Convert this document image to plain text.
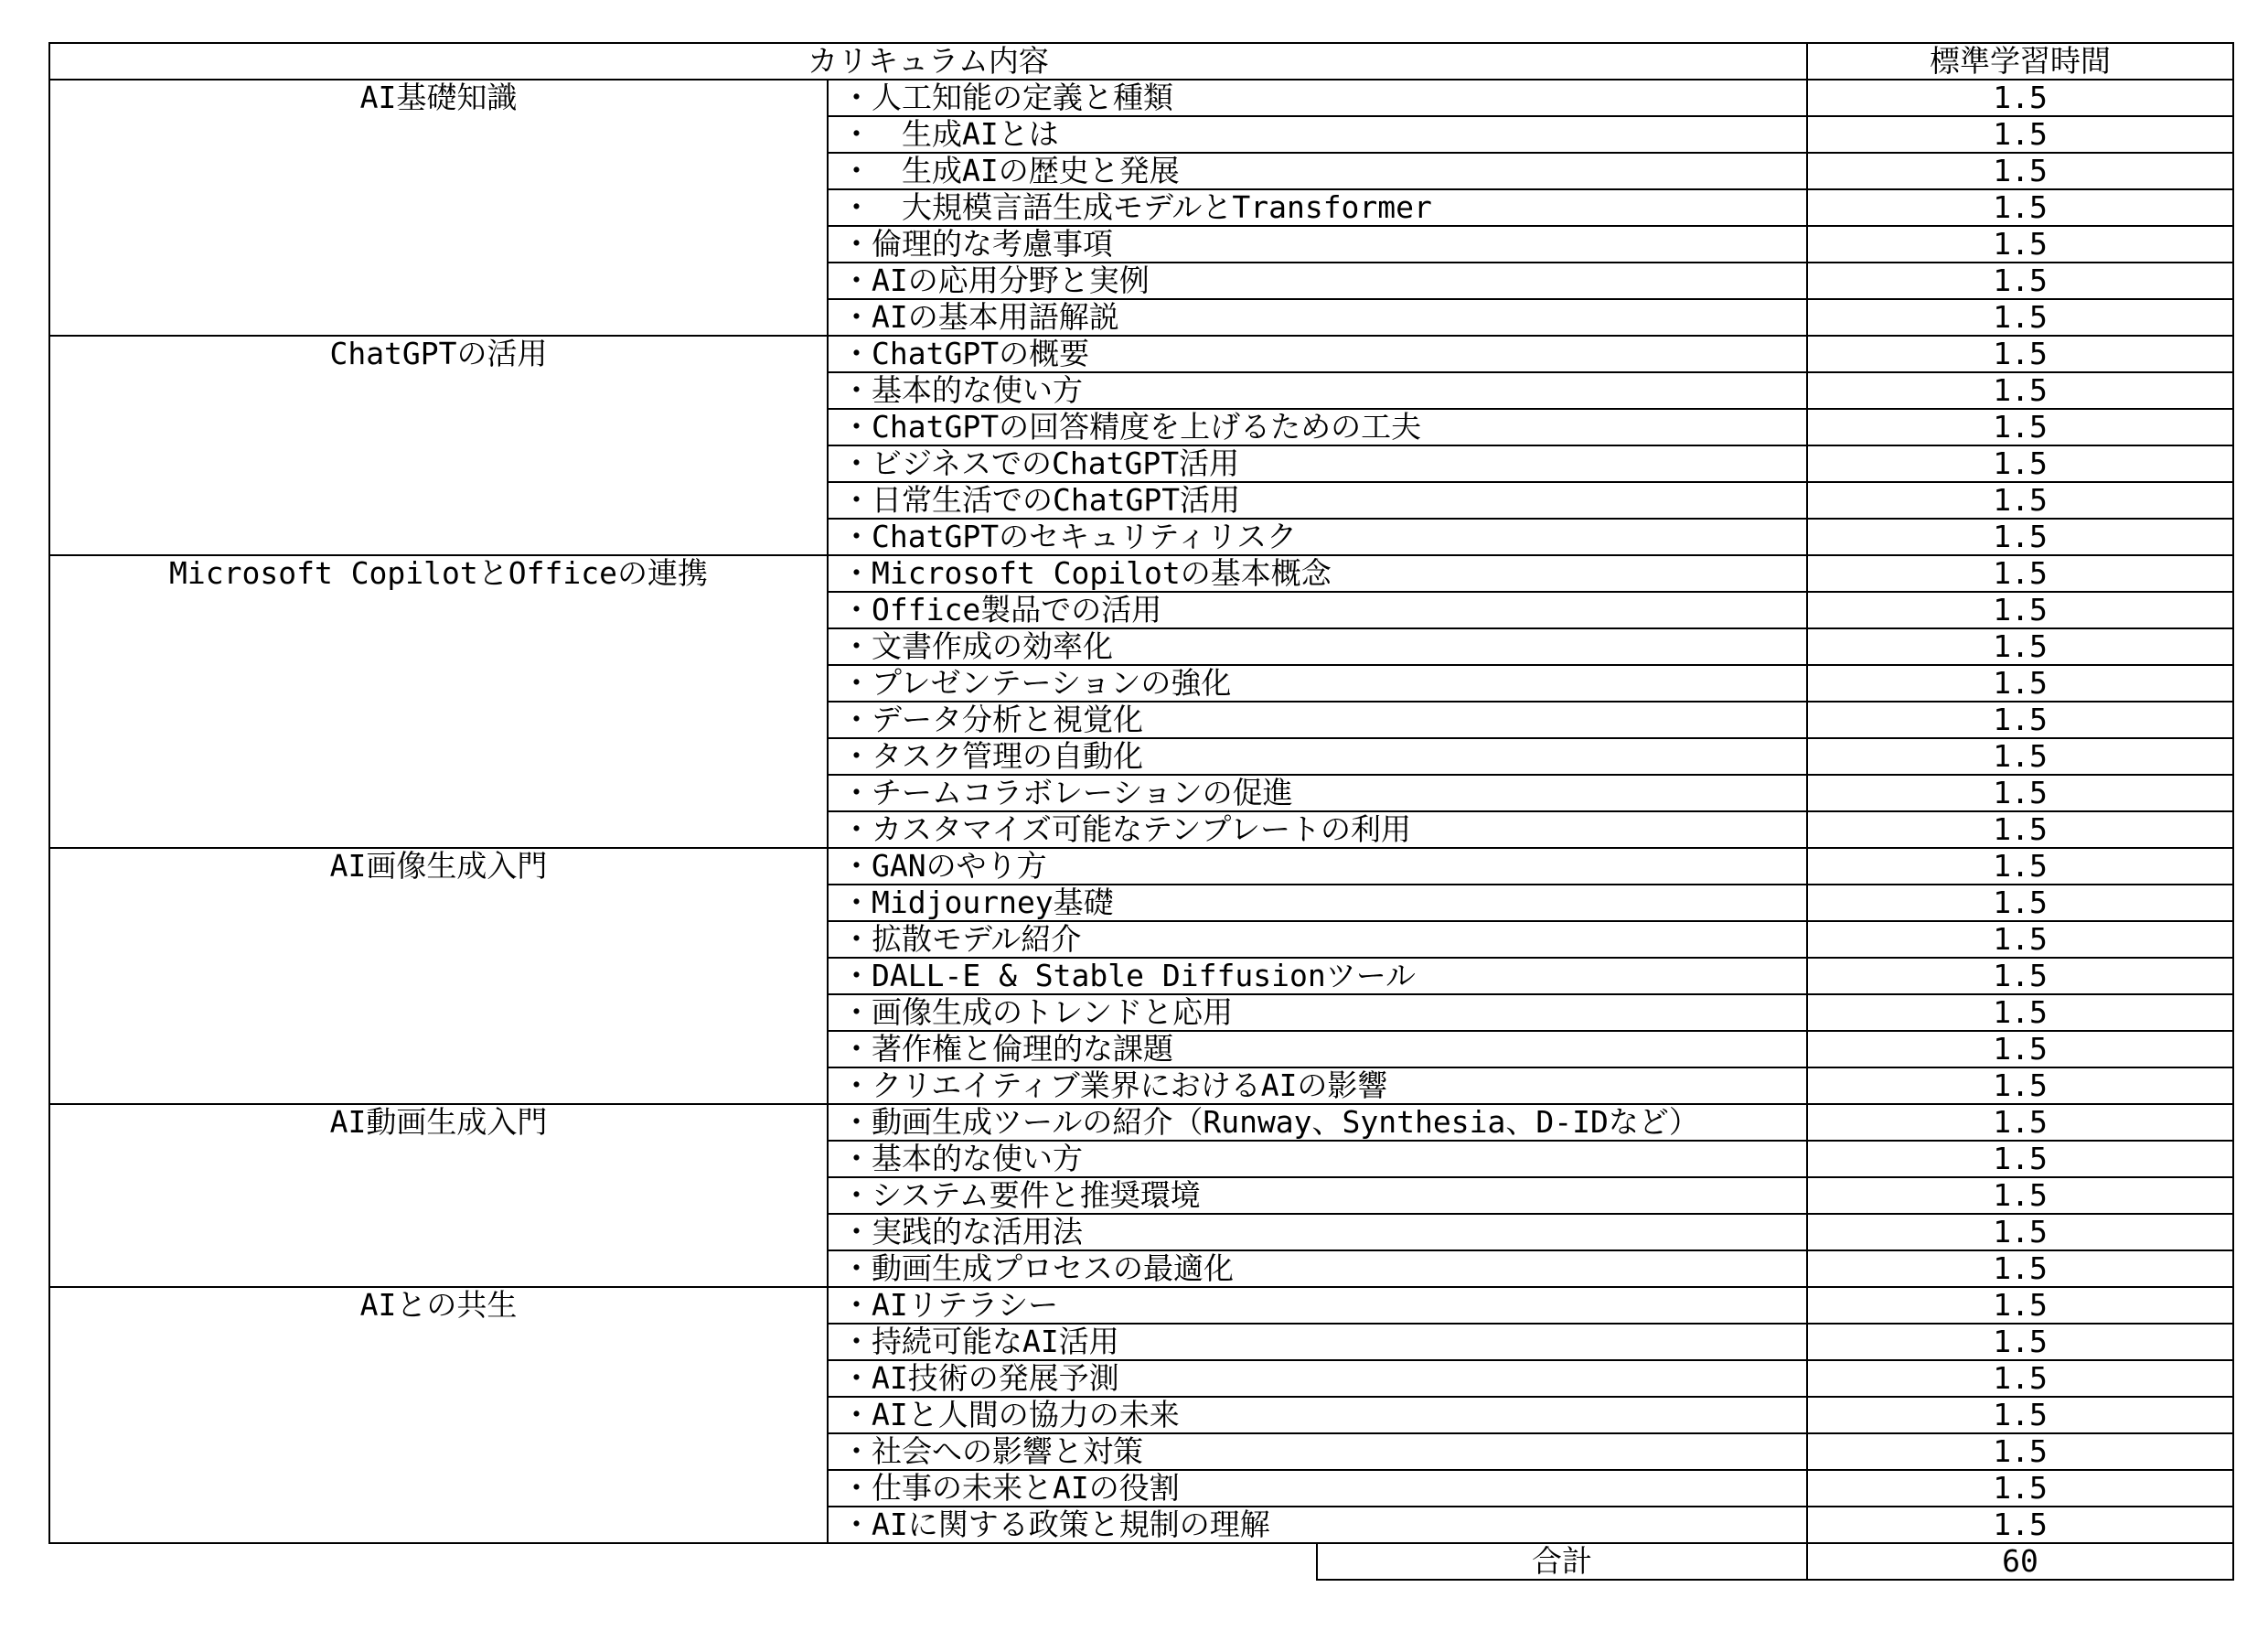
カリキュラム内容			標準学習時間
AI基礎知識	・人工知能の定義と種類		1.5
	・　生成AIとは		1.5
	・　生成AIの歴史と発展		1.5
	・　大規模言語生成モデルとTransformer		1.5
	・倫理的な考慮事項		1.5
	・AIの応用分野と実例		1.5
	・AIの基本用語解説		1.5
ChatGPTの活用	・ChatGPTの概要		1.5
	・基本的な使い方		1.5
	・ChatGPTの回答精度を上げるための工夫		1.5
	・ビジネスでのChatGPT活用		1.5
	・日常生活でのChatGPT活用		1.5
	・ChatGPTのセキュリティリスク		1.5
Microsoft CopilotとOfficeの連携	・Microsoft Copilotの基本概念		1.5
	・Office製品での活用		1.5
	・文書作成の効率化		1.5
	・プレゼンテーションの強化		1.5
	・データ分析と視覚化		1.5
	・タスク管理の自動化		1.5
	・チームコラボレーションの促進		1.5
	・カスタマイズ可能なテンプレートの利用		1.5
AI画像生成入門	・GANのやり方		1.5
	・Midjourney基礎		1.5
	・拡散モデル紹介		1.5
	・DALL-E & Stable Diffusionツール		1.5
	・画像生成のトレンドと応用		1.5
	・著作権と倫理的な課題		1.5
	・クリエイティブ業界におけるAIの影響		1.5
AI動画生成入門	・動画生成ツールの紹介（Runway、Synthesia、D-IDなど）		1.5
	・基本的な使い方		1.5
	・システム要件と推奨環境		1.5
	・実践的な活用法		1.5
	・動画生成プロセスの最適化		1.5
AIとの共生	・AIリテラシー		1.5
	・持続可能なAI活用		1.5
	・AI技術の発展予測		1.5
	・AIと人間の協力の未来		1.5
	・社会への影響と対策		1.5
	・仕事の未来とAIの役割		1.5
	・AIに関する政策と規制の理解		1.5
		合計	60
